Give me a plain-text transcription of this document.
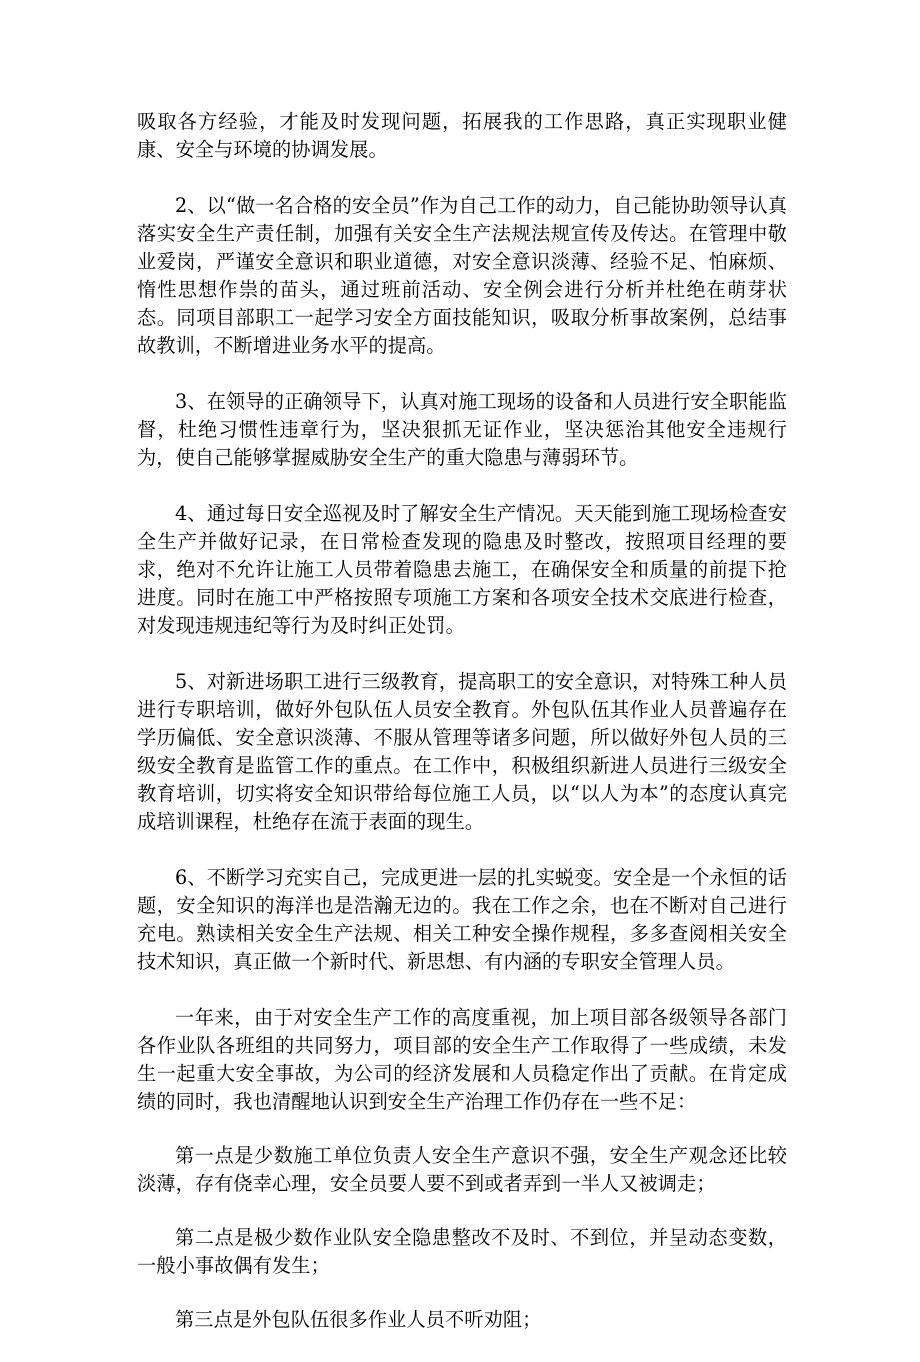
吸取各方经验，才能及时发现问题，拓展我的工作思路，真正实现职业健康、安全与环境的协调发展。

2、以“做一名合格的安全员”作为自己工作的动力，自己能协助领导认真落实安全生产责任制，加强有关安全生产法规法规宣传及传达。在管理中敬业爱岗，严谨安全意识和职业道德，对安全意识淡薄、经验不足、怕麻烦、惰性思想作祟的苗头，通过班前活动、安全例会进行分析并杜绝在萌芽状态。同项目部职工一起学习安全方面技能知识，吸取分析事故案例，总结事故教训，不断增进业务水平的提高。

3、在领导的正确领导下，认真对施工现场的设备和人员进行安全职能监督，杜绝习惯性违章行为，坚决狠抓无证作业，坚决惩治其他安全违规行为，使自己能够掌握威胁安全生产的重大隐患与薄弱环节。

4、通过每日安全巡视及时了解安全生产情况。天天能到施工现场检查安全生产并做好记录，在日常检查发现的隐患及时整改，按照项目经理的要求，绝对不允许让施工人员带着隐患去施工，在确保安全和质量的前提下抢进度。同时在施工中严格按照专项施工方案和各项安全技术交底进行检查，对发现违规违纪等行为及时纠正处罚。

5、对新进场职工进行三级教育，提高职工的安全意识，对特殊工种人员进行专职培训，做好外包队伍人员安全教育。外包队伍其作业人员普遍存在学历偏低、安全意识淡薄、不服从管理等诸多问题，所以做好外包人员的三级安全教育是监管工作的重点。在工作中，积极组织新进人员进行三级安全教育培训，切实将安全知识带给每位施工人员，以“以人为本”的态度认真完成培训课程，杜绝存在流于表面的现生。

6、不断学习充实自己，完成更进一层的扎实蜕变。安全是一个永恒的话题，安全知识的海洋也是浩瀚无边的。我在工作之余，也在不断对自己进行充电。熟读相关安全生产法规、相关工种安全操作规程，多多查阅相关安全技术知识，真正做一个新时代、新思想、有内涵的专职安全管理人员。

一年来，由于对安全生产工作的高度重视，加上项目部各级领导各部门各作业队各班组的共同努力，项目部的安全生产工作取得了一些成绩，未发生一起重大安全事故，为公司的经济发展和人员稳定作出了贡献。在肯定成绩的同时，我也清醒地认识到安全生产治理工作仍存在一些不足：

第一点是少数施工单位负责人安全生产意识不强，安全生产观念还比较淡薄，存有侥幸心理，安全员要人要不到或者弄到一半人又被调走；

第二点是极少数作业队安全隐患整改不及时、不到位，并呈动态变数，一般小事故偶有发生；

第三点是外包队伍很多作业人员不听劝阻；
